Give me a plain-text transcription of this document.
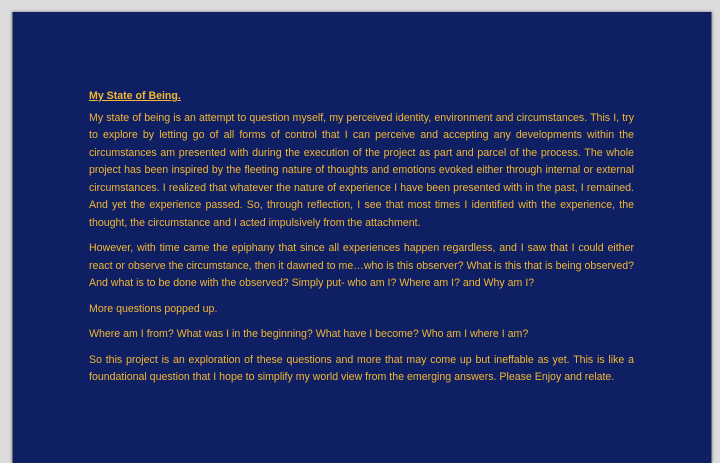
My State of Being.

My state of being is an attempt to question myself, my perceived identity, environment and circumstances. This I, try to explore by letting go of all forms of control that I can perceive and accepting any developments within the circumstances am presented with during the execution of the project as part and parcel of the process. The whole project has been inspired by the fleeting nature of thoughts and emotions evoked either through internal or external circumstances. I realized that whatever the nature of experience I have been presented with in the past, I remained. And yet the experience passed. So, through reflection, I see that most times I identified with the experience, the thought, the circumstance and I acted impulsively from the attachment.

However, with time came the epiphany that since all experiences happen regardless, and I saw that I could either react or observe the circumstance, then it dawned to me…who is this observer? What is this that is being observed? And what is to be done with the observed? Simply put- who am I? Where am I? and Why am I?

More questions popped up.

Where am I from? What was I in the beginning? What have I become? Who am I where I am?

So this project is an exploration of these questions and more that may come up but ineffable as yet. This is like a foundational question that I hope to simplify my world view from the emerging answers. Please Enjoy and relate.
